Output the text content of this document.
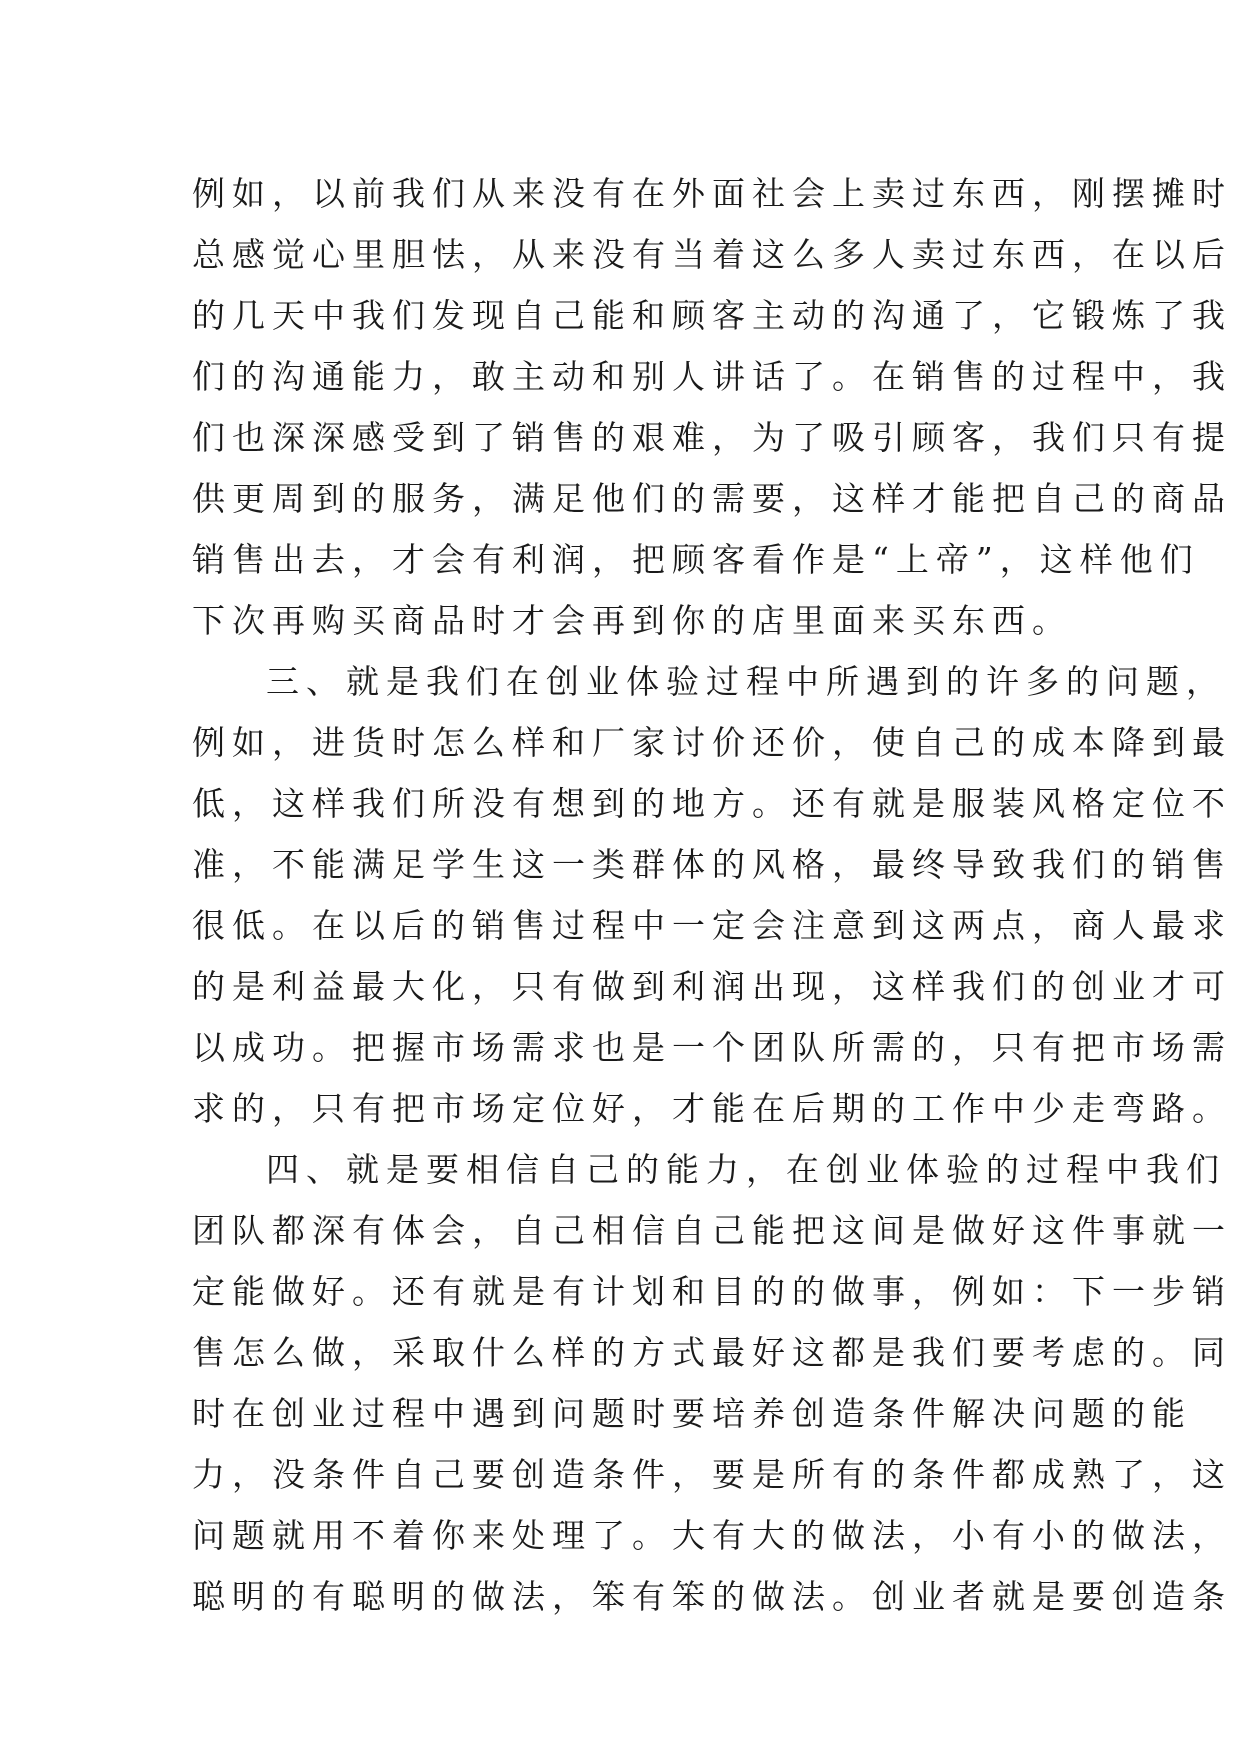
例如，以前我们从来没有在外面社会上卖过东西，刚摆摊时
总感觉心里胆怯，从来没有当着这么多人卖过东西，在以后
的几天中我们发现自己能和顾客主动的沟通了，它锻炼了我
们的沟通能力，敢主动和别人讲话了。在销售的过程中，我
们也深深感受到了销售的艰难，为了吸引顾客，我们只有提
供更周到的服务，满足他们的需要，这样才能把自己的商品
销售出去，才会有利润，把顾客看作是“上帝”，这样他们
下次再购买商品时才会再到你的店里面来买东西。
三、就是我们在创业体验过程中所遇到的许多的问题，
例如，进货时怎么样和厂家讨价还价，使自己的成本降到最
低，这样我们所没有想到的地方。还有就是服装风格定位不
准，不能满足学生这一类群体的风格，最终导致我们的销售
很低。在以后的销售过程中一定会注意到这两点，商人最求
的是利益最大化，只有做到利润出现，这样我们的创业才可
以成功。把握市场需求也是一个团队所需的，只有把市场需
求的，只有把市场定位好，才能在后期的工作中少走弯路。
四、就是要相信自己的能力，在创业体验的过程中我们
团队都深有体会，自己相信自己能把这间是做好这件事就一
定能做好。还有就是有计划和目的的做事，例如：下一步销
售怎么做，采取什么样的方式最好这都是我们要考虑的。同
时在创业过程中遇到问题时要培养创造条件解决问题的能
力，没条件自己要创造条件，要是所有的条件都成熟了，这
问题就用不着你来处理了。大有大的做法，小有小的做法，
聪明的有聪明的做法，笨有笨的做法。创业者就是要创造条
